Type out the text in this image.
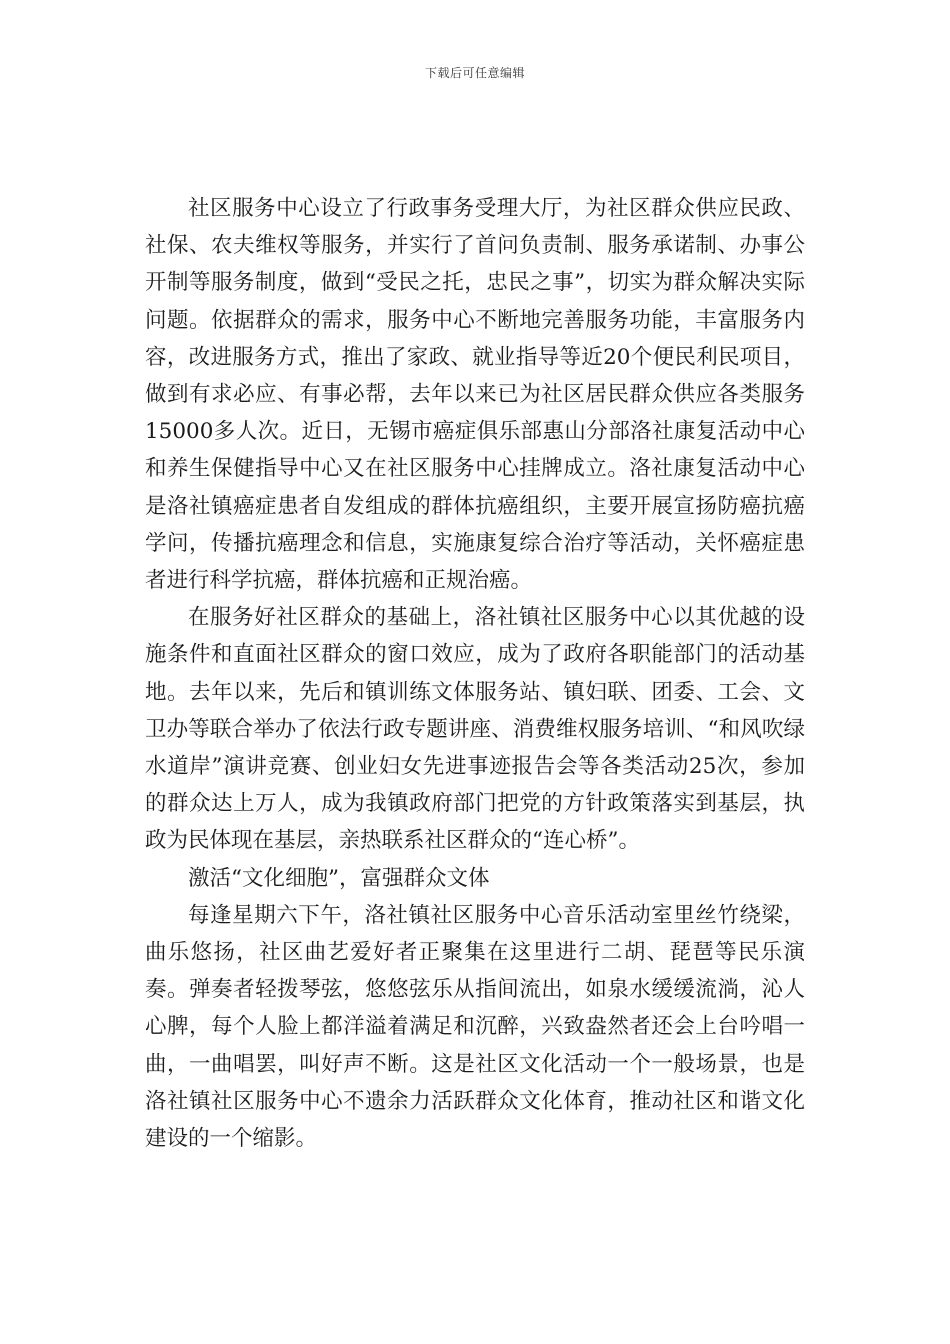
下载后可任意编辑

社区服务中心设立了行政事务受理大厅，为社区群众供应民政、社保、农夫维权等服务，并实行了首问负责制、服务承诺制、办事公开制等服务制度，做到“受民之托，忠民之事”，切实为群众解决实际问题。依据群众的需求，服务中心不断地完善服务功能，丰富服务内容，改进服务方式，推出了家政、就业指导等近20个便民利民项目，做到有求必应、有事必帮，去年以来已为社区居民群众供应各类服务15000多人次。近日，无锡市癌症俱乐部惠山分部洛社康复活动中心和养生保健指导中心又在社区服务中心挂牌成立。洛社康复活动中心是洛社镇癌症患者自发组成的群体抗癌组织，主要开展宣扬防癌抗癌学问，传播抗癌理念和信息，实施康复综合治疗等活动，关怀癌症患者进行科学抗癌，群体抗癌和正规治癌。

在服务好社区群众的基础上，洛社镇社区服务中心以其优越的设施条件和直面社区群众的窗口效应，成为了政府各职能部门的活动基地。去年以来，先后和镇训练文体服务站、镇妇联、团委、工会、文卫办等联合举办了依法行政专题讲座、消费维权服务培训、“和风吹绿水道岸”演讲竞赛、创业妇女先进事迹报告会等各类活动25次，参加的群众达上万人，成为我镇政府部门把党的方针政策落实到基层，执政为民体现在基层，亲热联系社区群众的“连心桥”。

激活“文化细胞”，富强群众文体

每逢星期六下午，洛社镇社区服务中心音乐活动室里丝竹绕梁，曲乐悠扬，社区曲艺爱好者正聚集在这里进行二胡、琵琶等民乐演奏。弹奏者轻拨琴弦，悠悠弦乐从指间流出，如泉水缓缓流淌，沁人心脾，每个人脸上都洋溢着满足和沉醉，兴致盎然者还会上台吟唱一曲，一曲唱罢，叫好声不断。这是社区文化活动一个一般场景，也是洛社镇社区服务中心不遗余力活跃群众文化体育，推动社区和谐文化建设的一个缩影。
